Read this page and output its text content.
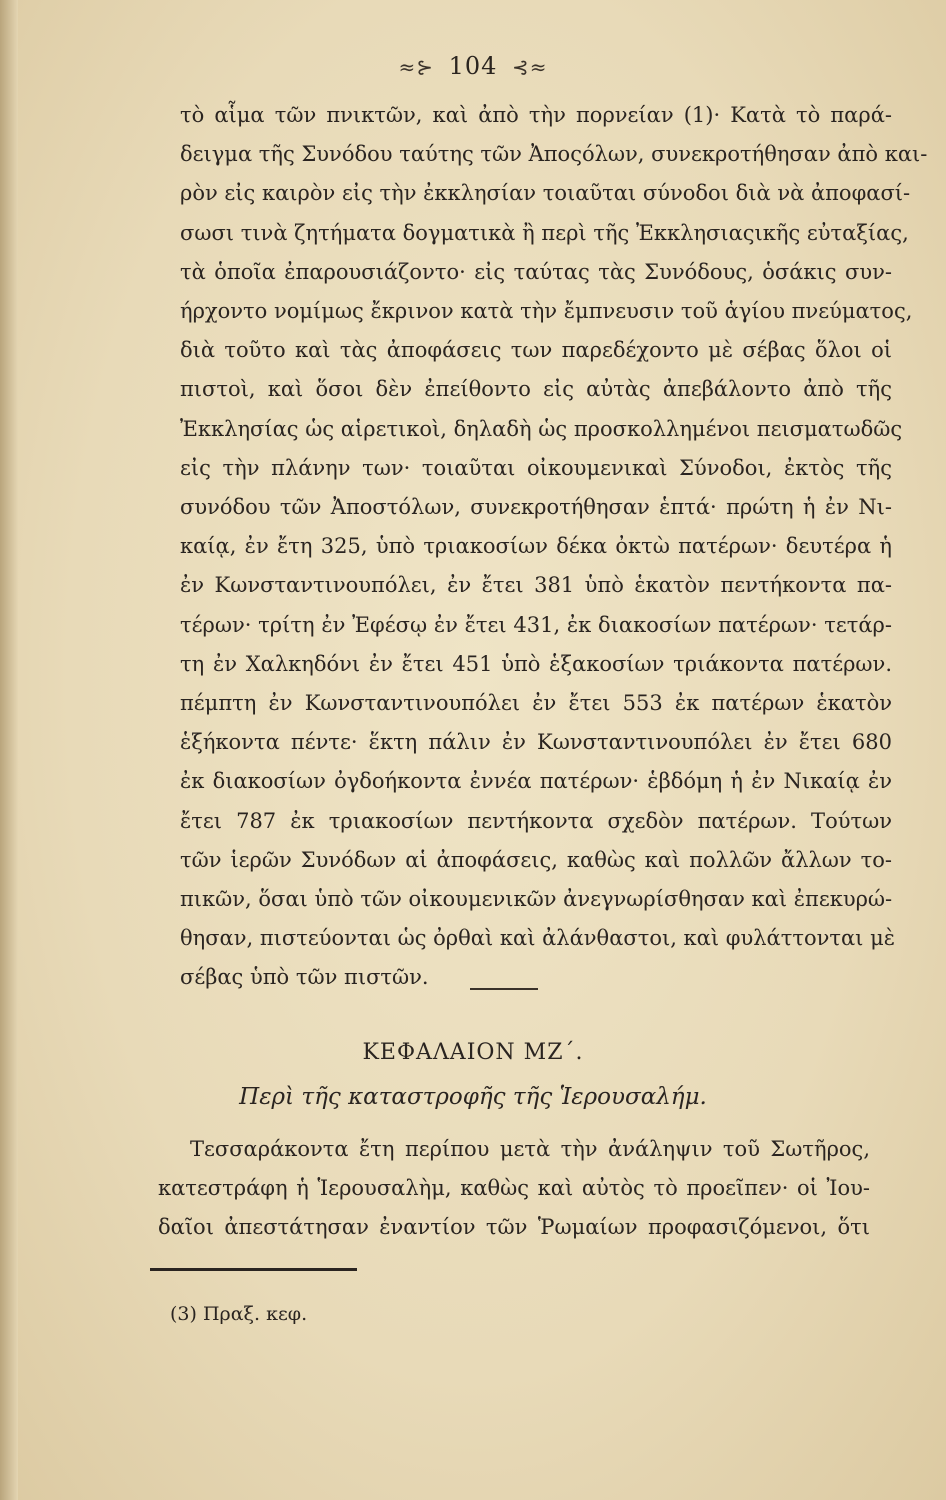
≈⊱ 104 ⊰≈
τὸ αἷμα τῶν πνικτῶν, καὶ ἀπὸ τὴν πορνείαν (1)· Κατὰ τὸ παρά-
δειγμα τῆς Συνόδου ταύτης τῶν Ἀποςόλων, συνεκροτήθησαν ἀπὸ και-
ρὸν εἰς καιρὸν εἰς τὴν ἐκκλησίαν τοιαῦται σύνοδοι διὰ νὰ ἀποφασί-
σωσι τινὰ ζητήματα δογματικὰ ἢ περὶ τῆς Ἐκκλησιαςικῆς εὐταξίας,
τὰ ὁποῖα ἐπαρουσιάζοντο· εἰς ταύτας τὰς Συνόδους, ὁσάκις συν-
ήρχοντο νομίμως ἔκρινον κατὰ τὴν ἔμπνευσιν τοῦ ἁγίου πνεύματος,
διὰ τοῦτο καὶ τὰς ἀποφάσεις των παρεδέχοντο μὲ σέβας ὅλοι οἱ
πιστοὶ, καὶ ὅσοι δὲν ἐπείθοντο εἰς αὐτὰς ἀπεβάλοντο ἀπὸ τῆς
Ἐκκλησίας ὡς αἱρετικοὶ, δηλαδὴ ὡς προσκολλημένοι πεισματωδῶς
εἰς τὴν πλάνην των· τοιαῦται οἰκουμενικαὶ Σύνοδοι, ἐκτὸς τῆς
συνόδου τῶν Ἀποστόλων, συνεκροτήθησαν ἑπτά· πρώτη ἡ ἐν Νι-
καίᾳ, ἐν ἔτη 325, ὑπὸ τριακοσίων δέκα ὀκτὼ πατέρων· δευτέρα ἡ
ἐν Κωνσταντινουπόλει, ἐν ἔτει 381 ὑπὸ ἑκατὸν πεντήκοντα πα-
τέρων· τρίτη ἐν Ἐφέσῳ ἐν ἔτει 431, ἐκ διακοσίων πατέρων· τετάρ-
τη ἐν Χαλκηδόνι ἐν ἔτει 451 ὑπὸ ἑξακοσίων τριάκοντα πατέρων.
πέμπτη ἐν Κωνσταντινουπόλει ἐν ἔτει 553 ἐκ πατέρων ἑκατὸν
ἑξήκοντα πέντε· ἕκτη πάλιν ἐν Κωνσταντινουπόλει ἐν ἔτει 680
ἐκ διακοσίων ὀγδοήκοντα ἐννέα πατέρων· ἑβδόμη ἡ ἐν Νικαίᾳ ἐν
ἔτει 787 ἐκ τριακοσίων πεντήκοντα σχεδὸν πατέρων. Τούτων
τῶν ἱερῶν Συνόδων αἱ ἀποφάσεις, καθὼς καὶ πολλῶν ἄλλων το-
πικῶν, ὅσαι ὑπὸ τῶν οἰκουμενικῶν ἀνεγνωρίσθησαν καὶ ἐπεκυρώ-
θησαν, πιστεύονται ὡς ὀρθαὶ καὶ ἀλάνθαστοι, καὶ φυλάττονται μὲ
σέβας ὑπὸ τῶν πιστῶν.
ΚΕΦΑΛΑΙΟΝ ΜΖ΄.
Περὶ τῆς καταστροφῆς τῆς Ἱερουσαλήμ.
Τεσσαράκοντα ἔτη περίπου μετὰ τὴν ἀνάληψιν τοῦ Σωτῆρος,
κατεστράφη ἡ Ἱερουσαλὴμ, καθὼς καὶ αὐτὸς τὸ προεῖπεν· οἱ Ἰου-
δαῖοι ἀπεστάτησαν ἐναντίον τῶν Ῥωμαίων προφασιζόμενοι, ὅτι
(3) Πραξ. κεφ.
